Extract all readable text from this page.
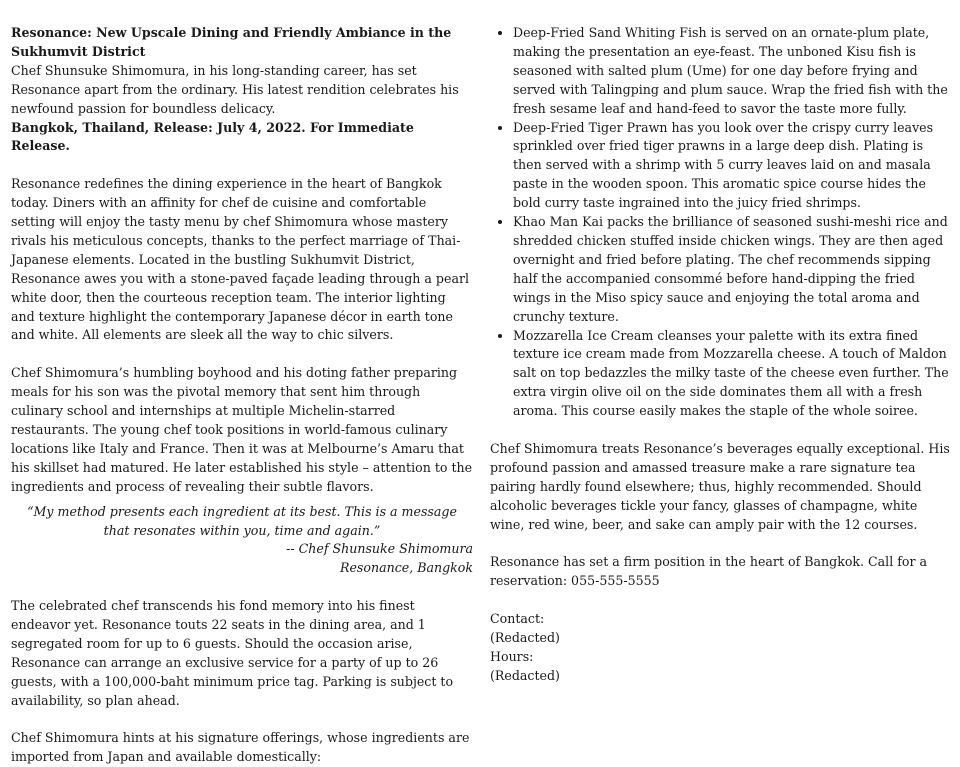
Resonance: New Upscale Dining and Friendly Ambiance in the Sukhumvit District

Chef Shunsuke Shimomura, in his long-standing career, has set Resonance apart from the ordinary. His latest rendition celebrates his newfound passion for boundless delicacy.

Bangkok, Thailand, Release: July 4, 2022. For Immediate Release.

Resonance redefines the dining experience in the heart of Bangkok today. Diners with an affinity for chef de cuisine and comfortable setting will enjoy the tasty menu by chef Shimomura whose mastery rivals his meticulous concepts, thanks to the perfect marriage of Thai-Japanese elements. Located in the bustling Sukhumvit District, Resonance awes you with a stone-paved façade leading through a pearl white door, then the courteous reception team. The interior lighting and texture highlight the contemporary Japanese décor in earth tone and white. All elements are sleek all the way to chic silvers.

Chef Shimomura’s humbling boyhood and his doting father preparing meals for his son was the pivotal memory that sent him through culinary school and internships at multiple Michelin-starred restaurants. The young chef took positions in world-famous culinary locations like Italy and France. Then it was at Melbourne’s Amaru that his skillset had matured. He later established his style – attention to the ingredients and process of revealing their subtle flavors.

“My method presents each ingredient at its best. This is a message that resonates within you, time and again.”

-- Chef Shunsuke Shimomura

Resonance, Bangkok

The celebrated chef transcends his fond memory into his finest endeavor yet. Resonance touts 22 seats in the dining area, and 1 segregated room for up to 6 guests. Should the occasion arise, Resonance can arrange an exclusive service for a party of up to 26 guests, with a 100,000-baht minimum price tag. Parking is subject to availability, so plan ahead.

Chef Shimomura hints at his signature offerings, whose ingredients are imported from Japan and available domestically:

• Deep-Fried Sand Whiting Fish is served on an ornate-plum plate, making the presentation an eye-feast. The unboned Kisu fish is seasoned with salted plum (Ume) for one day before frying and served with Talingping and plum sauce. Wrap the fried fish with the fresh sesame leaf and hand-feed to savor the taste more fully.
• Deep-Fried Tiger Prawn has you look over the crispy curry leaves sprinkled over fried tiger prawns in a large deep dish. Plating is then served with a shrimp with 5 curry leaves laid on and masala paste in the wooden spoon. This aromatic spice course hides the bold curry taste ingrained into the juicy fried shrimps.
• Khao Man Kai packs the brilliance of seasoned sushi-meshi rice and shredded chicken stuffed inside chicken wings. They are then aged overnight and fried before plating. The chef recommends sipping half the accompanied consommé before hand-dipping the fried wings in the Miso spicy sauce and enjoying the total aroma and crunchy texture.
• Mozzarella Ice Cream cleanses your palette with its extra fined texture ice cream made from Mozzarella cheese. A touch of Maldon salt on top bedazzles the milky taste of the cheese even further. The extra virgin olive oil on the side dominates them all with a fresh aroma. This course easily makes the staple of the whole soiree.

Chef Shimomura treats Resonance’s beverages equally exceptional. His profound passion and amassed treasure make a rare signature tea pairing hardly found elsewhere; thus, highly recommended. Should alcoholic beverages tickle your fancy, glasses of champagne, white wine, red wine, beer, and sake can amply pair with the 12 courses.

Resonance has set a firm position in the heart of Bangkok. Call for a reservation: 055-555-5555

Contact:

(Redacted)

Hours:

(Redacted)
